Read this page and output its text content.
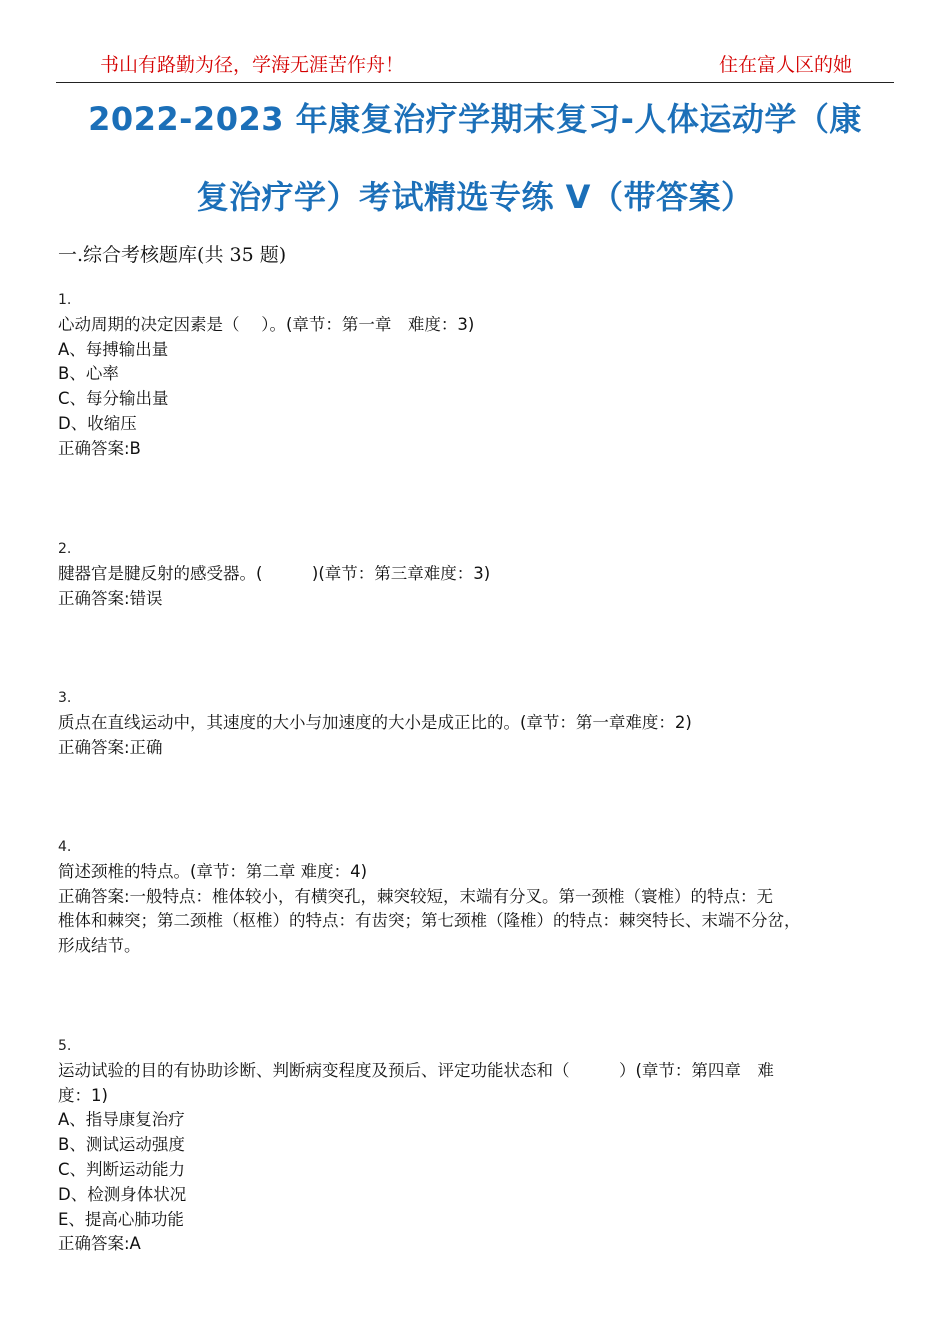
书山有路勤为径，学海无涯苦作舟！	住在富人区的她
2022-2023 年康复治疗学期末复习-人体运动学（康
复治疗学）考试精选专练 V（带答案）
一.综合考核题库(共 35 题)
1.
心动周期的决定因素是（　 ）。(章节：第一章　难度：3)
A、每搏输出量
B、心率
C、每分输出量
D、收缩压
正确答案:B
2.
腱器官是腱反射的感受器。(　　　)(章节：第三章难度：3)
正确答案:错误
3.
质点在直线运动中，其速度的大小与加速度的大小是成正比的。(章节：第一章难度：2)
正确答案:正确
4.
简述颈椎的特点。(章节：第二章 难度：4)
正确答案:一般特点：椎体较小，有横突孔，棘突较短，末端有分叉。第一颈椎（寰椎）的特点：无
椎体和棘突；第二颈椎（枢椎）的特点：有齿突；第七颈椎（隆椎）的特点：棘突特长、末端不分岔，
形成结节。
5.
运动试验的目的有协助诊断、判断病变程度及预后、评定功能状态和（　　　）(章节：第四章　难
度：1)
A、指导康复治疗
B、测试运动强度
C、判断运动能力
D、检测身体状况
E、提高心肺功能
正确答案:A
